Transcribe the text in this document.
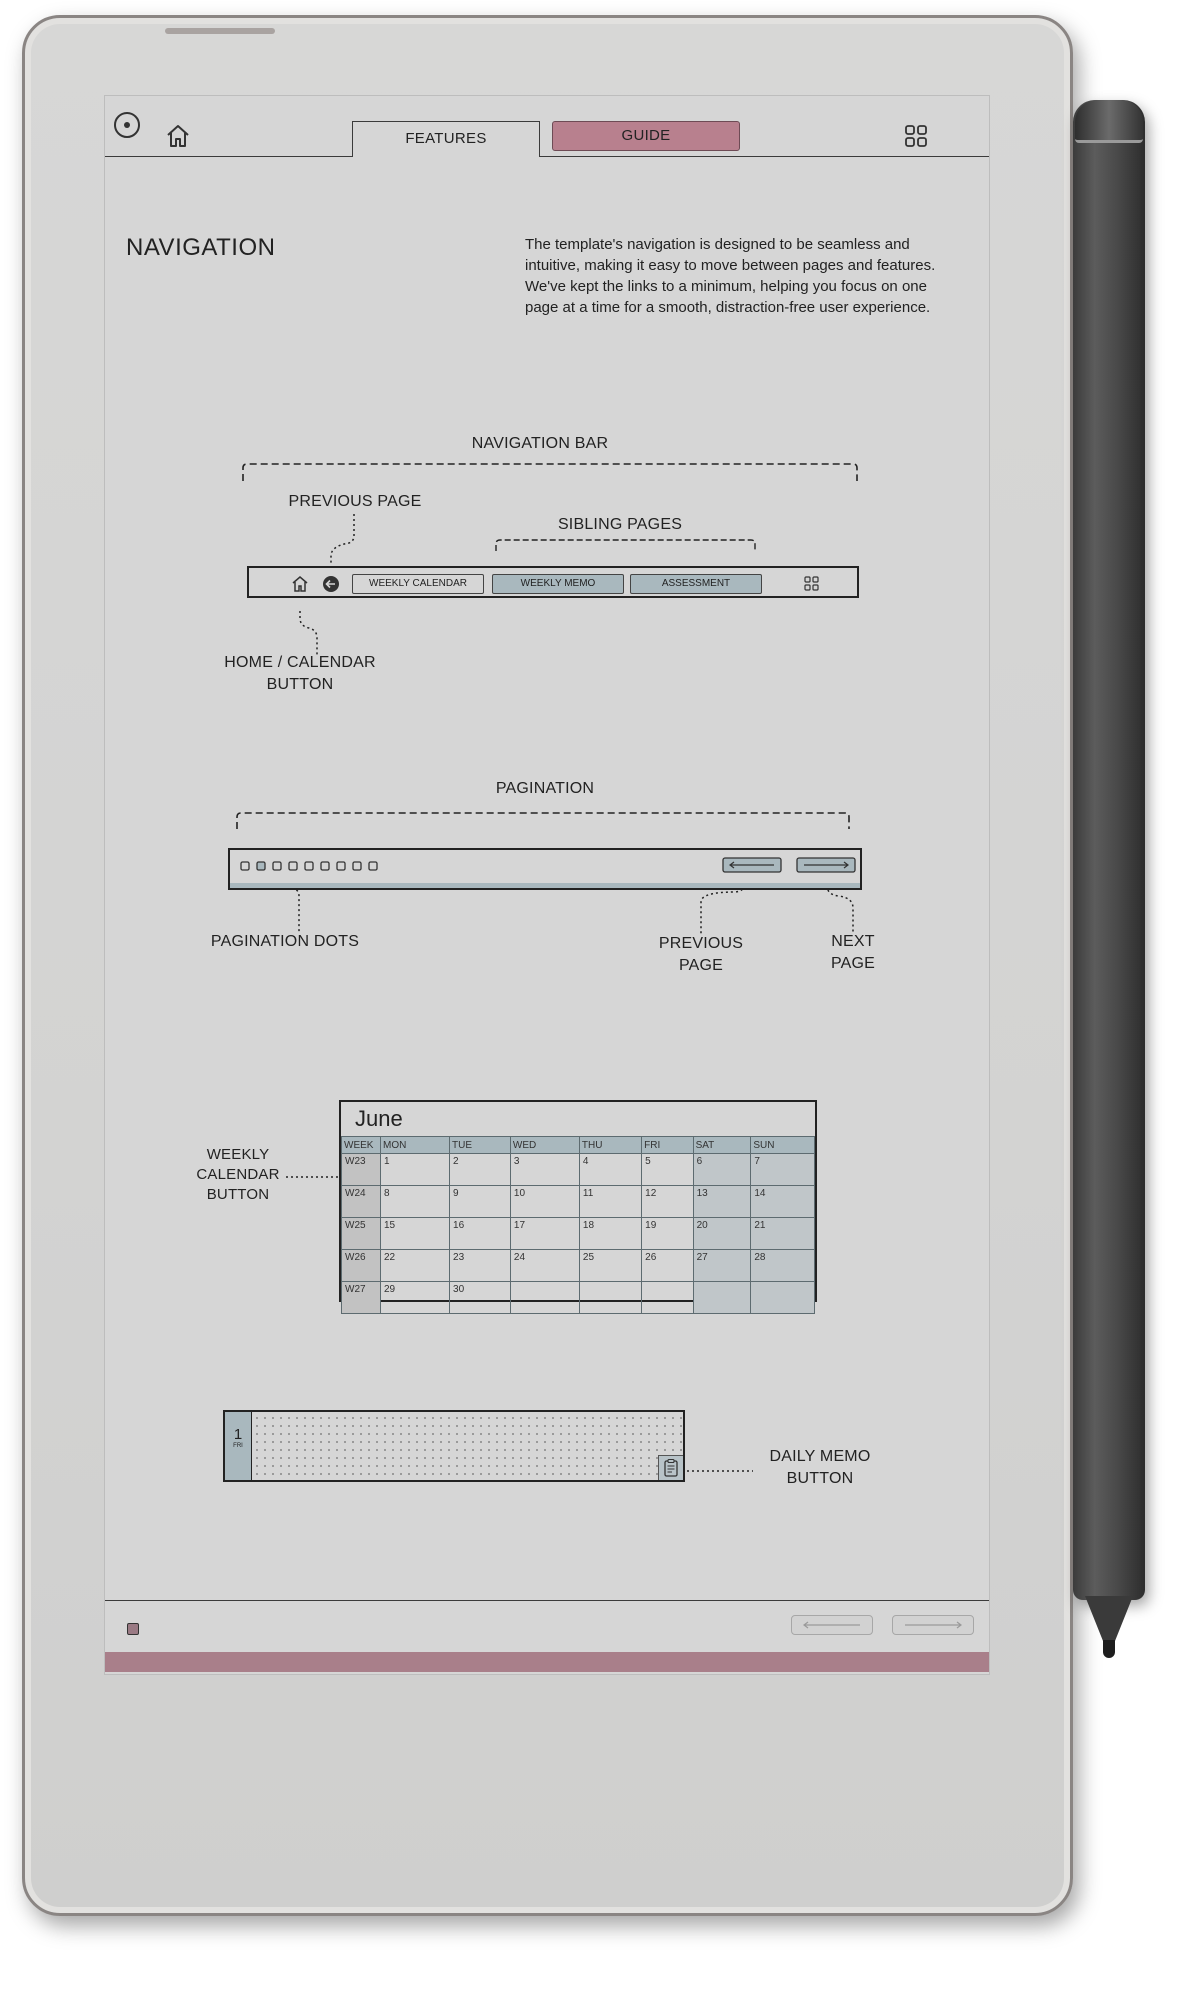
FEATURES	GUIDE
NAVIGATION	The template's navigation is designed to be seamless and intuitive, making it easy to move between pages and features. We've kept the links to a minimum, helping you focus on one page at a time for a smooth, distraction-free user experience.
NAVIGATION BAR
PREVIOUS PAGE
SIBLING PAGES
WEEKLY CALENDAR	WEEKLY MEMO	ASSESSMENT
HOME / CALENDAR
BUTTON
PAGINATION
PAGINATION DOTS	PREVIOUS
PAGE
NEXT
PAGE
WEEKLY
CALENDAR
BUTTON
June
WEEK	MON	TUE	WED	THU	FRI	SAT	SUN
W23	1	2	3	4	5	6	7
W24	8	9	10	11	12	13	14
W25	15	16	17	18	19	20	21
W26	22	23	24	25	26	27	28
W27	29	30					
1
FRI
DAILY MEMO
BUTTON
